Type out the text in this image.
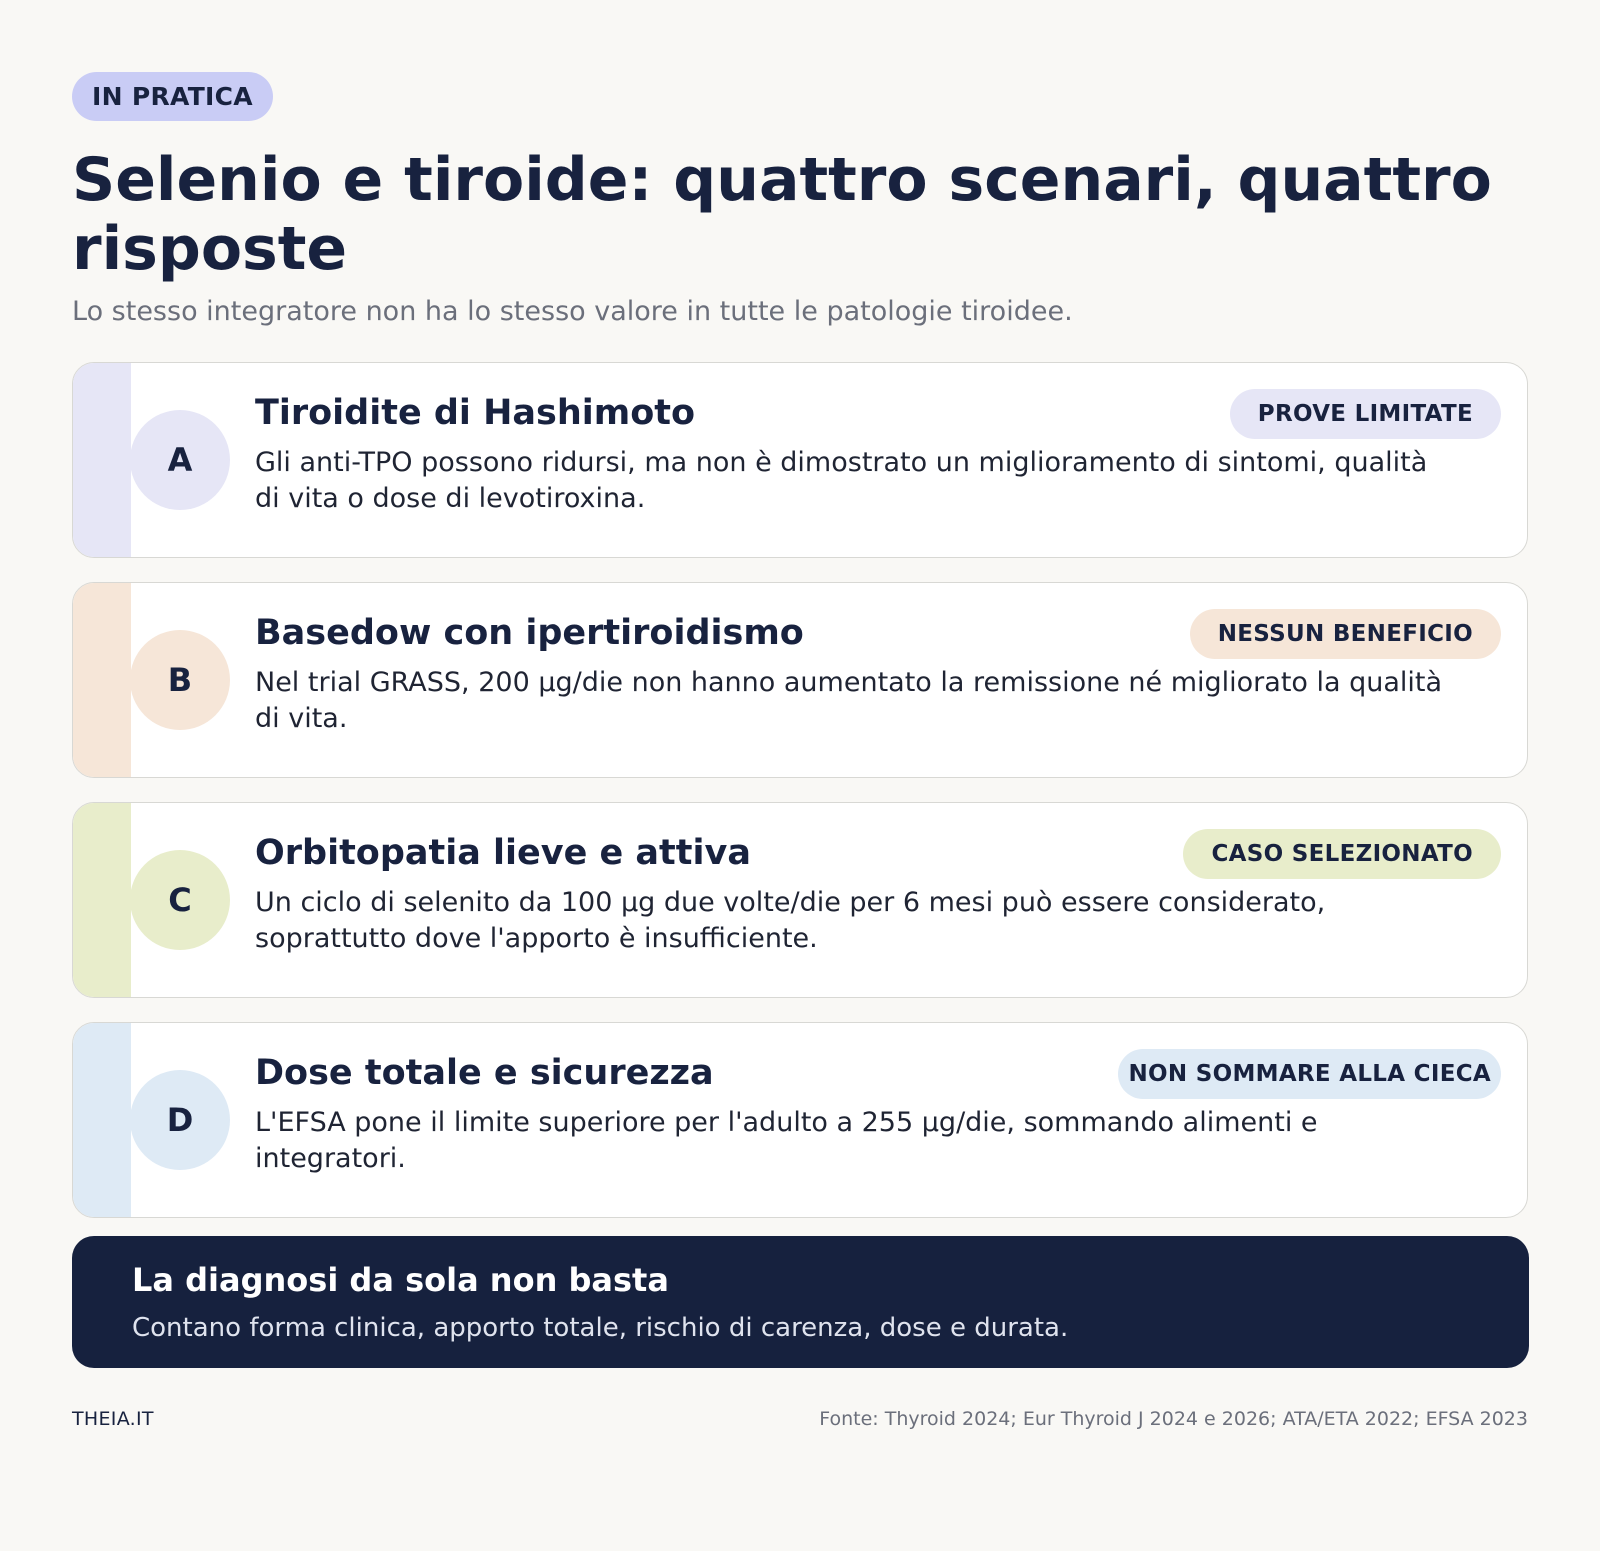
IN PRATICA
Selenio e tiroide: quattro scenari, quattro risposte

Lo stesso integratore non ha lo stesso valore in tutte le patologie tiroidee.

A
Tiroidite di Hashimoto	PROVE LIMITATE

Gli anti-TPO possono ridursi, ma non è dimostrato un miglioramento di sintomi, qualità di vita o dose di levotiroxina.

B
Basedow con ipertiroidismo	NESSUN BENEFICIO

Nel trial GRASS, 200 µg/die non hanno aumentato la remissione né migliorato la qualità di vita.

C
Orbitopatia lieve e attiva	CASO SELEZIONATO

Un ciclo di selenito da 100 µg due volte/die per 6 mesi può essere considerato, soprattutto dove l'apporto è insufficiente.

D
Dose totale e sicurezza	NON SOMMARE ALLA CIECA

L'EFSA pone il limite superiore per l'adulto a 255 µg/die, sommando alimenti e integratori.

La diagnosi da sola non basta

Contano forma clinica, apporto totale, rischio di carenza, dose e durata.

THEIA.IT	Fonte: Thyroid 2024; Eur Thyroid J 2024 e 2026; ATA/ETA 2022; EFSA 2023
